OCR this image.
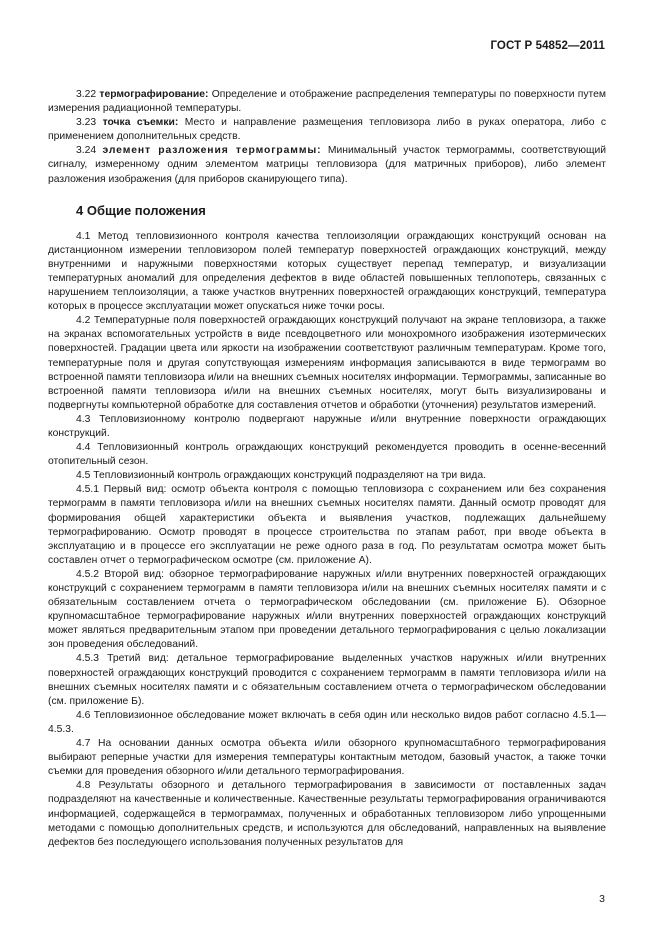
ГОСТ Р 54852—2011

3.22 термографирование: Определение и отображение распределения температуры по поверхности путем измерения радиационной температуры.

3.23 точка съемки: Место и направление размещения тепловизора либо в руках оператора, либо с применением дополнительных средств.

3.24 элемент разложения термограммы: Минимальный участок термограммы, соответствующий сигналу, измеренному одним элементом матрицы тепловизора (для матричных приборов), либо элемент разложения изображения (для приборов сканирующего типа).

4 Общие положения

4.1 Метод тепловизионного контроля качества теплоизоляции ограждающих конструкций основан на дистанционном измерении тепловизором полей температур поверхностей ограждающих конструкций, между внутренними и наружными поверхностями которых существует перепад температур, и визуализации температурных аномалий для определения дефектов в виде областей повышенных теплопотерь, связанных с нарушением теплоизоляции, а также участков внутренних поверхностей ограждающих конструкций, температура которых в процессе эксплуатации может опускаться ниже точки росы.

4.2 Температурные поля поверхностей ограждающих конструкций получают на экране тепловизора, а также на экранах вспомогательных устройств в виде псевдоцветного или монохромного изображения изотермических поверхностей. Градации цвета или яркости на изображении соответствуют различным температурам. Кроме того, температурные поля и другая сопутствующая измерениям информация записываются в виде термограмм во встроенной памяти тепловизора и/или на внешних съемных носителях информации. Термограммы, записанные во встроенной памяти тепловизора и/или на внешних съемных носителях, могут быть визуализированы и подвергнуты компьютерной обработке для составления отчетов и обработки (уточнения) результатов измерений.

4.3 Тепловизионному контролю подвергают наружные и/или внутренние поверхности ограждающих конструкций.

4.4 Тепловизионный контроль ограждающих конструкций рекомендуется проводить в осенне-весенний отопительный сезон.

4.5 Тепловизионный контроль ограждающих конструкций подразделяют на три вида.

4.5.1 Первый вид: осмотр объекта контроля с помощью тепловизора с сохранением или без сохранения термограмм в памяти тепловизора и/или на внешних съемных носителях памяти. Данный осмотр проводят для формирования общей характеристики объекта и выявления участков, подлежащих дальнейшему термографированию. Осмотр проводят в процессе строительства по этапам работ, при вводе объекта в эксплуатацию и в процессе его эксплуатации не реже одного раза в год. По результатам осмотра может быть составлен отчет о термографическом осмотре (см. приложение А).

4.5.2 Второй вид: обзорное термографирование наружных и/или внутренних поверхностей ограждающих конструкций с сохранением термограмм в памяти тепловизора и/или на внешних съемных носителях памяти и с обязательным составлением отчета о термографическом обследовании (см. приложение Б). Обзорное крупномасштабное термографирование наружных и/или внутренних поверхностей ограждающих конструкций может являться предварительным этапом при проведении детального термографирования с целью локализации зон проведения обследований.

4.5.3 Третий вид: детальное термографирование выделенных участков наружных и/или внутренних поверхностей ограждающих конструкций проводится с сохранением термограмм в памяти тепловизора и/или на внешних съемных носителях памяти и с обязательным составлением отчета о термографическом обследовании (см. приложение Б).

4.6 Тепловизионное обследование может включать в себя один или несколько видов работ согласно 4.5.1—4.5.3.

4.7 На основании данных осмотра объекта и/или обзорного крупномасштабного термографирования выбирают реперные участки для измерения температуры контактным методом, базовый участок, а также точки съемки для проведения обзорного и/или детального термографирования.

4.8 Результаты обзорного и детального термографирования в зависимости от поставленных задач подразделяют на качественные и количественные. Качественные результаты термографирования ограничиваются информацией, содержащейся в термограммах, полученных и обработанных тепловизором либо упрощенными методами с помощью дополнительных средств, и используются для обследований, направленных на выявление дефектов без последующего использования полученных результатов для

3
